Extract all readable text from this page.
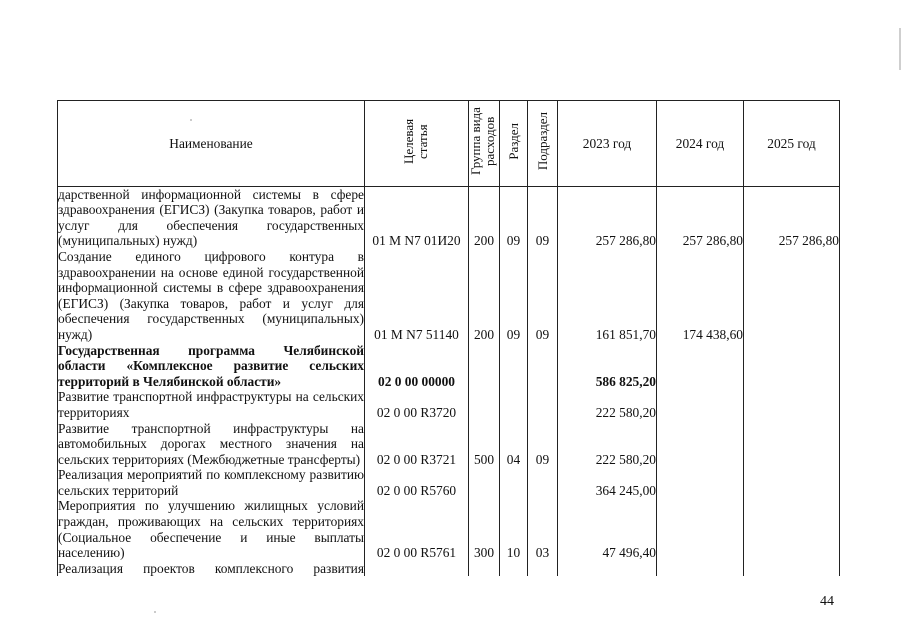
Наименование	Целевая статья	Группа вида расходов	Раздел	Подраздел	2023 год	2024 год	2025 год
дарственной информационной системы в сфере здравоохранения (ЕГИСЗ) (Закупка товаров, работ и услуг для обеспечения государственных (муниципальных) нужд)	01 M N7 01И20	200	09	09	257 286,80	257 286,80	257 286,80
Создание единого цифрового контура в здравоохранении на основе единой государственной информационной системы в сфере здравоохранения (ЕГИСЗ) (Закупка товаров, работ и услуг для обеспечения государственных (муниципальных) нужд)	01 M N7 51140	200	09	09	161 851,70	174 438,60	
Государственная программа Челябинской области «Комплексное развитие сельских территорий в Челябинской области»	02 0 00 00000				586 825,20		
Развитие транспортной инфраструктуры на сельских территориях	02 0 00 R3720				222 580,20		
Развитие транспортной инфраструктуры на автомобильных дорогах местного значения на сельских территориях (Межбюджетные трансферты)	02 0 00 R3721	500	04	09	222 580,20		
Реализация мероприятий по комплексному развитию сельских территорий	02 0 00 R5760				364 245,00		
Мероприятия по улучшению жилищных условий граждан, проживающих на сельских территориях (Социальное обеспечение и иные выплаты населению)	02 0 00 R5761	300	10	03	47 496,40		
Реализация проектов комплексного развития							
44
